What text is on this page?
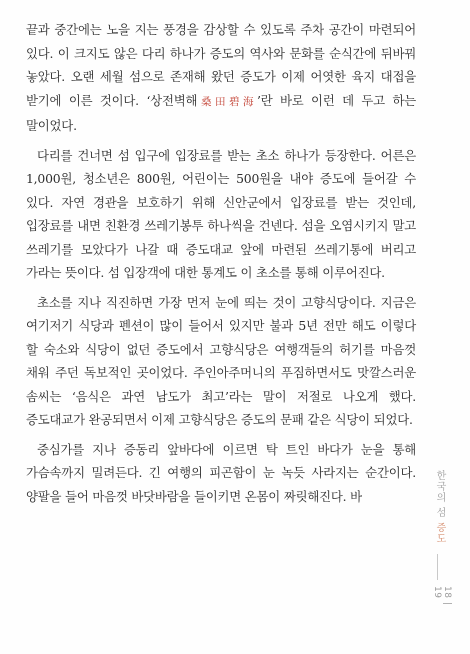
끝과 중간에는 노을 지는 풍경을 감상할 수 있도록 주차 공간이 마련되어 있다. 이 크지도 않은 다리 하나가 증도의 역사와 문화를 순식간에 뒤바꿔 놓았다. 오랜 세월 섬으로 존재해 왔던 증도가 이제 어엿한 육지 대접을 받기에 이른 것이다. ‘상전벽해桑田碧海’란 바로 이런 데 두고 하는 말이었다.

다리를 건너면 섬 입구에 입장료를 받는 초소 하나가 등장한다. 어른은 1,000원, 청소년은 800원, 어린이는 500원을 내야 증도에 들어갈 수 있다. 자연 경관을 보호하기 위해 신안군에서 입장료를 받는 것인데, 입장료를 내면 친환경 쓰레기봉투 하나씩을 건넨다. 섬을 오염시키지 말고 쓰레기를 모았다가 나갈 때 증도대교 앞에 마련된 쓰레기통에 버리고 가라는 뜻이다. 섬 입장객에 대한 통계도 이 초소를 통해 이루어진다.

초소를 지나 직진하면 가장 먼저 눈에 띄는 것이 고향식당이다. 지금은 여기저기 식당과 펜션이 많이 들어서 있지만 불과 5년 전만 해도 이렇다 할 숙소와 식당이 없던 증도에서 고향식당은 여행객들의 허기를 마음껏 채워 주던 독보적인 곳이었다. 주인아주머니의 푸짐하면서도 맛깔스러운 솜씨는 ‘음식은 과연 남도가 최고’라는 말이 저절로 나오게 했다. 증도대교가 완공되면서 이제 고향식당은 증도의 문패 같은 식당이 되었다.

중심가를 지나 증동리 앞바다에 이르면 탁 트인 바다가 눈을 통해 가슴속까지 밀려든다. 긴 여행의 피곤함이 눈 녹듯 사라지는 순간이다. 양팔을 들어 마음껏 바닷바람을 들이키면 온몸이 짜릿해진다. 바	한국의 섬 증도
18 | 19
